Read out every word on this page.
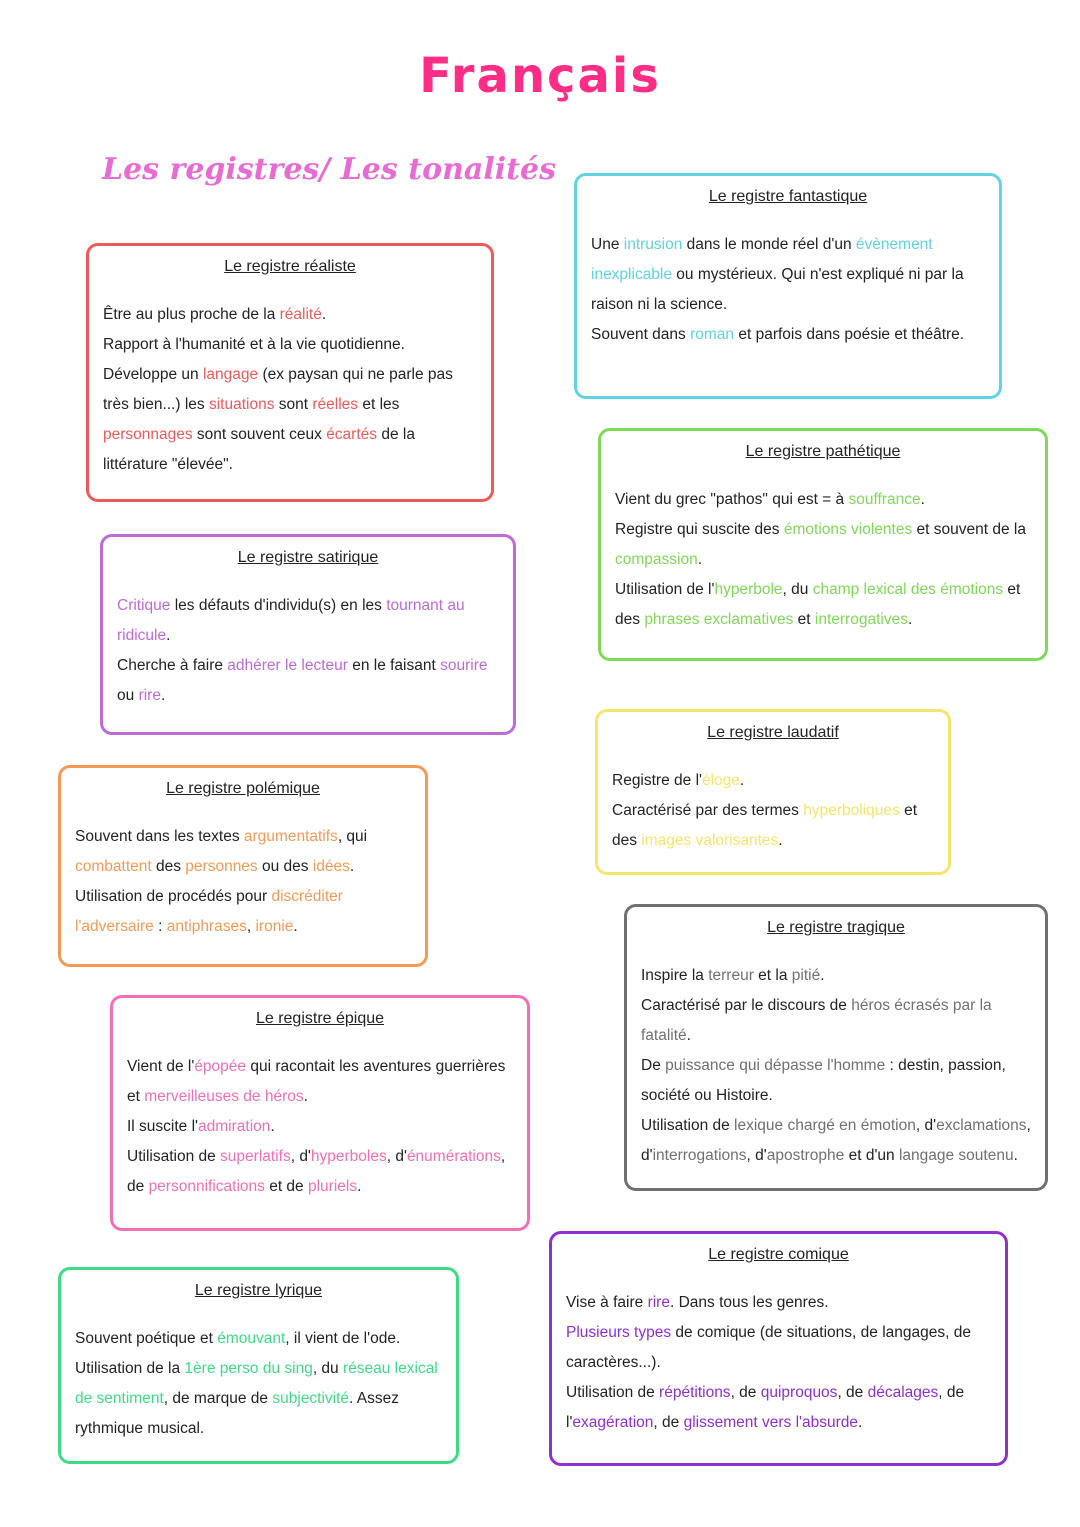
Français
Les registres/ Les tonalités
Le registre réaliste

Être au plus proche de la réalité.

Rapport à l'humanité et à la vie quotidienne.

Développe un langage (ex paysan qui ne parle pas très bien...) les situations sont réelles et les personnages sont souvent ceux écartés de la littérature "élevée".

Le registre satirique

Critique les défauts d'individu(s) en les tournant au ridicule.

Cherche à faire adhérer le lecteur en le faisant sourire ou rire.

Le registre polémique

Souvent dans les textes argumentatifs, qui combattent des personnes ou des idées.

Utilisation de procédés pour discréditer l'adversaire : antiphrases, ironie.

Le registre épique

Vient de l'épopée qui racontait les aventures guerrières et merveilleuses de héros.

Il suscite l'admiration.

Utilisation de superlatifs, d'hyperboles, d'énumérations, de personnifications et de pluriels.

Le registre lyrique

Souvent poétique et émouvant, il vient de l'ode.

Utilisation de la 1ère perso du sing, du réseau lexical de sentiment, de marque de subjectivité. Assez rythmique musical.

Le registre fantastique

Une intrusion dans le monde réel d'un évènement inexplicable ou mystérieux. Qui n'est expliqué ni par la raison ni la science.

Souvent dans roman et parfois dans poésie et théâtre.

Le registre pathétique

Vient du grec "pathos" qui est = à souffrance.

Registre qui suscite des émotions violentes et souvent de la compassion.

Utilisation de l'hyperbole, du champ lexical des émotions et des phrases exclamatives et interrogatives.

Le registre laudatif

Registre de l'éloge.

Caractérisé par des termes hyperboliques et des images valorisantes.

Le registre tragique

Inspire la terreur et la pitié.

Caractérisé par le discours de héros écrasés par la fatalité.

De puissance qui dépasse l'homme : destin, passion, société ou Histoire.

Utilisation de lexique chargé en émotion, d'exclamations, d'interrogations, d'apostrophe et d'un langage soutenu.

Le registre comique

Vise à faire rire. Dans tous les genres.

Plusieurs types de comique (de situations, de langages, de caractères...).

Utilisation de répétitions, de quiproquos, de décalages, de l'exagération, de glissement vers l'absurde.
